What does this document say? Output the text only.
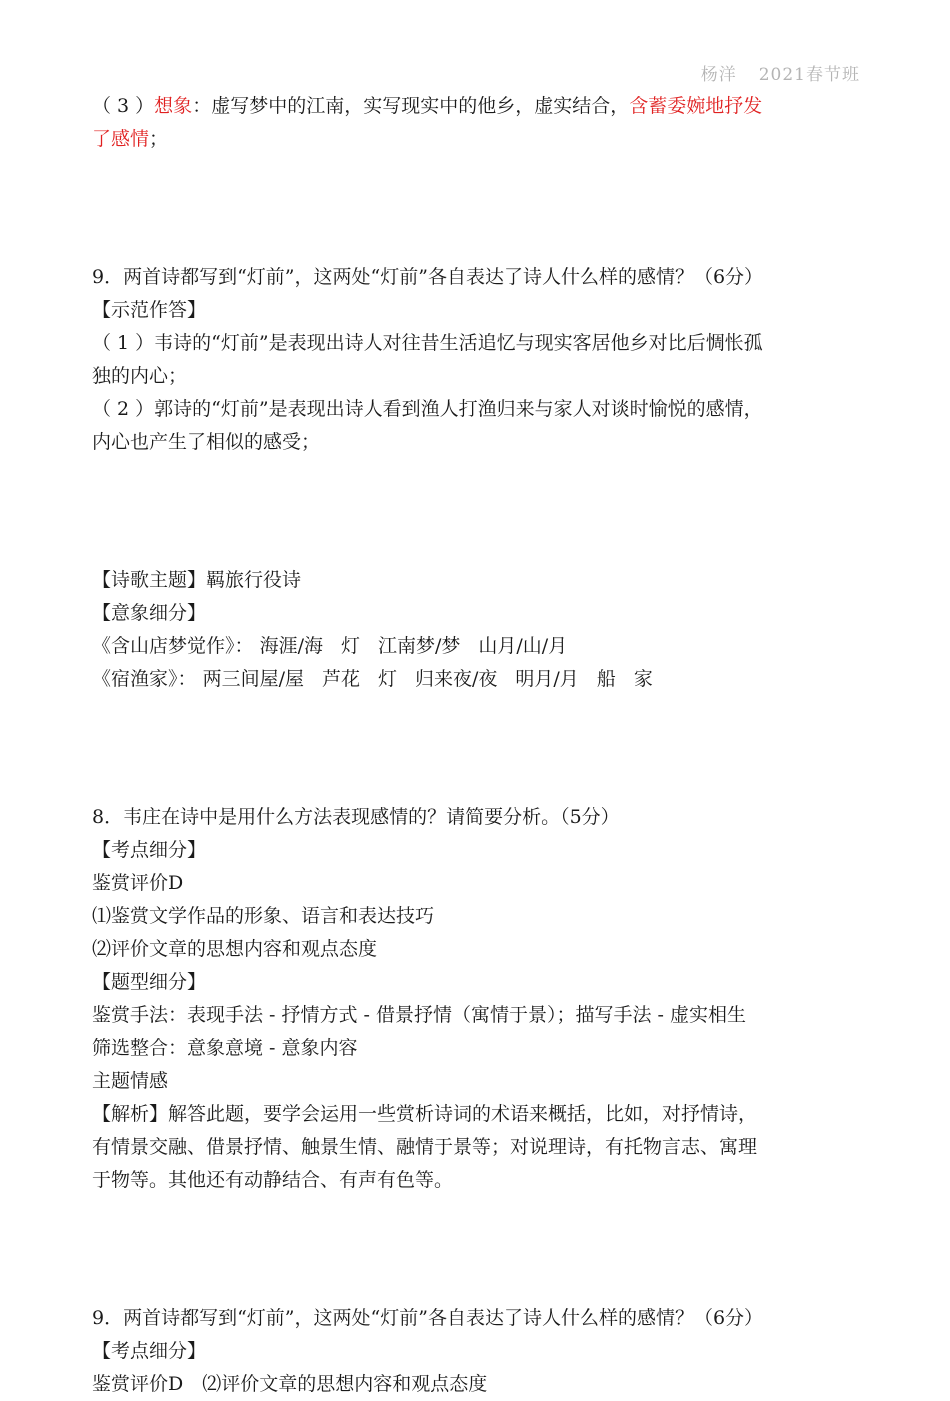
杨洋 2021春节班
（ 3 ）想象：虚写梦中的江南，实写现实中的他乡，虚实结合，含蓄委婉地抒发
了感情；
9．两首诗都写到“灯前”，这两处“灯前”各自表达了诗人什么样的感情？（6分）
【示范作答】
（ 1 ）韦诗的“灯前”是表现出诗人对往昔生活追忆与现实客居他乡对比后惆怅孤
独的内心；
（ 2 ）郭诗的“灯前”是表现出诗人看到渔人打渔归来与家人对谈时愉悦的感情，
内心也产生了相似的感受；
【诗歌主题】羁旅行役诗
【意象细分】
《含山店梦觉作》： 海涯/海 灯 江南梦/梦 山月/山/月
《宿渔家》： 两三间屋/屋 芦花 灯 归来夜/夜 明月/月 船 家
8．韦庄在诗中是用什么方法表现感情的？请简要分析。（5分）
【考点细分】
鉴赏评价D
⑴鉴赏文学作品的形象、语言和表达技巧
⑵评价文章的思想内容和观点态度
【题型细分】
鉴赏手法：表现手法 - 抒情方式 - 借景抒情（寓情于景）；描写手法 - 虚实相生
筛选整合：意象意境 - 意象内容
主题情感
【解析】解答此题，要学会运用一些赏析诗词的术语来概括，比如，对抒情诗，
有情景交融、借景抒情、触景生情、融情于景等；对说理诗，有托物言志、寓理
于物等。其他还有动静结合、有声有色等。
9．两首诗都写到“灯前”，这两处“灯前”各自表达了诗人什么样的感情？（6分）
【考点细分】
鉴赏评价D　⑵评价文章的思想内容和观点态度
